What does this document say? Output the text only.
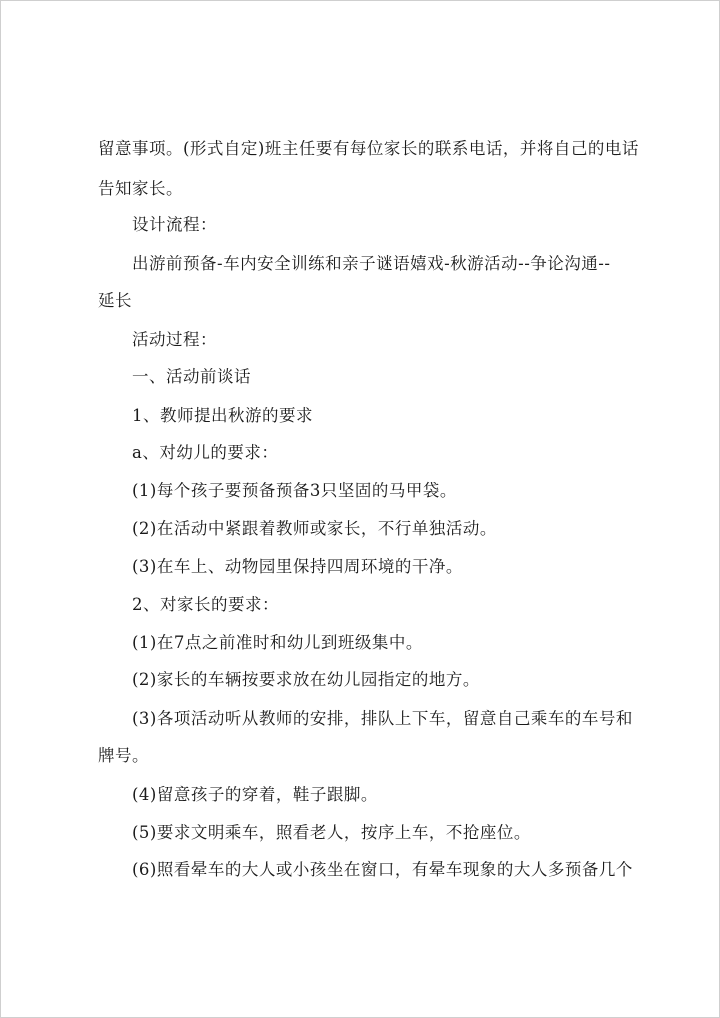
留意事项。(形式自定)班主任要有每位家长的联系电话，并将自己的电话
告知家长。
设计流程：
出游前预备-车内安全训练和亲子谜语嬉戏-秋游活动--争论沟通--
延长
活动过程：
一、活动前谈话
1、教师提出秋游的要求
a、对幼儿的要求：
(1)每个孩子要预备预备3只坚固的马甲袋。
(2)在活动中紧跟着教师或家长，不行单独活动。
(3)在车上、动物园里保持四周环境的干净。
2、对家长的要求：
(1)在7点之前准时和幼儿到班级集中。
(2)家长的车辆按要求放在幼儿园指定的地方。
(3)各项活动听从教师的安排，排队上下车，留意自己乘车的车号和
牌号。
(4)留意孩子的穿着，鞋子跟脚。
(5)要求文明乘车，照看老人，按序上车，不抢座位。
(6)照看晕车的大人或小孩坐在窗口，有晕车现象的大人多预备几个
